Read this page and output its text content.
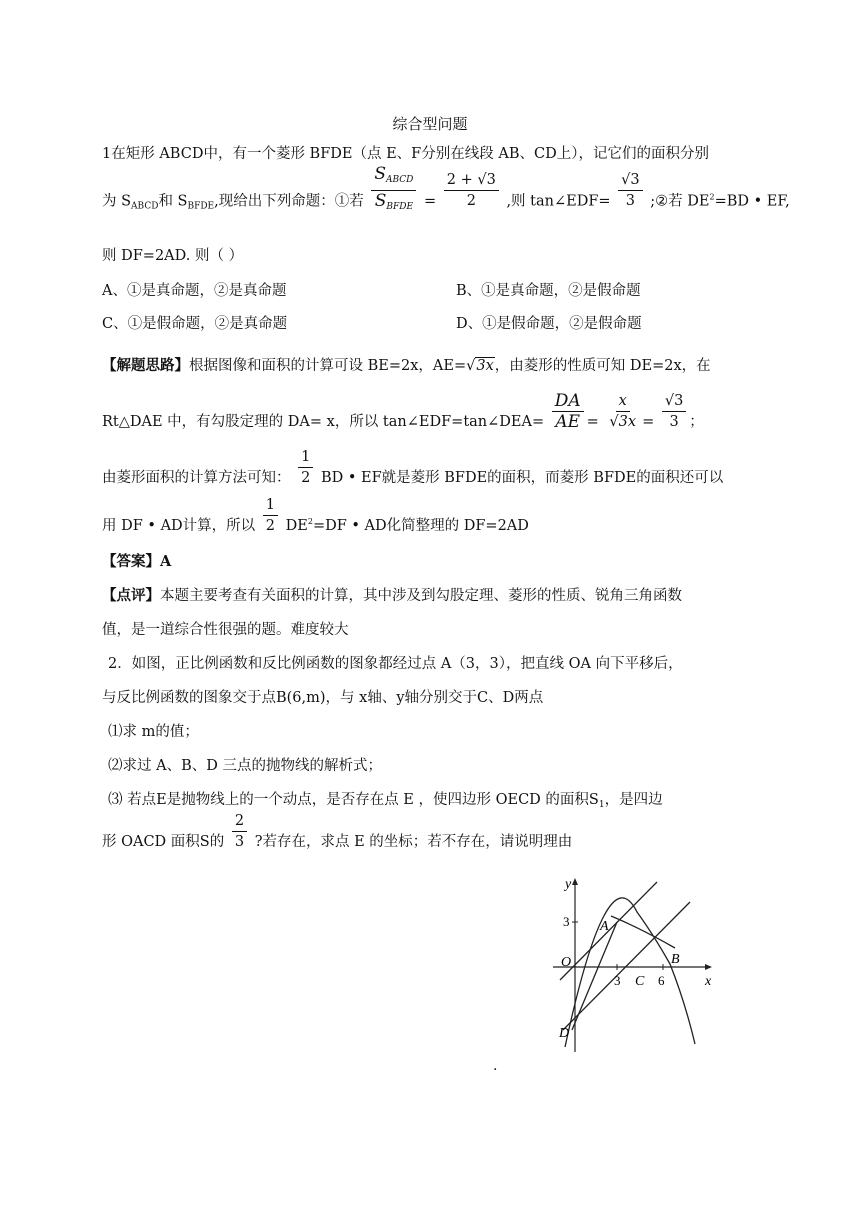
综合型问题
1在矩形 ABCD中，有一个菱形 BFDE（点 E、F分别在线段 AB、CD上），记它们的面积分别
为 $S_{ABCD}$和 $S_{BFDE}$,现给出下列命题：①若 $\frac{S_{ABCD}}{S_{BFDE}} = \frac{2 + √3}{2}$ ,则 tan∠EDF= $\frac{√3}{3}$ ;②若 $DE^2=BD$ • EF,
则 DF=2AD. 则（ ）
A、①是真命题，②是真命题	B、①是真命题，②是假命题
C、①是假命题，②是真命题	D、①是假命题，②是假命题
【解题思路】根据图像和面积的计算可设 BE=2x，AE=√3x，由菱形的性质可知 DE=2x，在
Rt△DAE 中，有勾股定理的 DA= x，所以 tan∠EDF=tan∠DEA= $\frac{DA}{AE} = \frac{x}{√3x} = \frac{√3}{3}$ ；
由菱形面积的计算方法可知： $\frac{1}{2}$ BD • EF就是菱形 BFDE的面积，而菱形 BFDE的面积还可以
用 DF • AD计算，所以 $\frac{1}{2} DE^2=DF$ • AD化简整理的 DF=2AD
【答案】A
【点评】本题主要考查有关面积的计算，其中涉及到勾股定理、菱形的性质、锐角三角函数
值，是一道综合性很强的题。难度较大
2．如图，正比例函数和反比例函数的图象都经过点 A（3，3），把直线 OA 向下平移后，
与反比例函数的图象交于点B(6,m)，与 x轴、y轴分别交于C、D两点
⑴求 m的值；
⑵求过 A、B、D 三点的抛物线的解析式；
⑶ 若点E是抛物线上的一个动点，是否存在点 E ，使四边形 OECD 的面积$S_1$，是四边
形 OACD 面积S的 $\frac{2}{3}$ ?若存在，求点 E 的坐标；若不存在，请说明理由
y
x
3 A
B
O
3 C 6
D
.
